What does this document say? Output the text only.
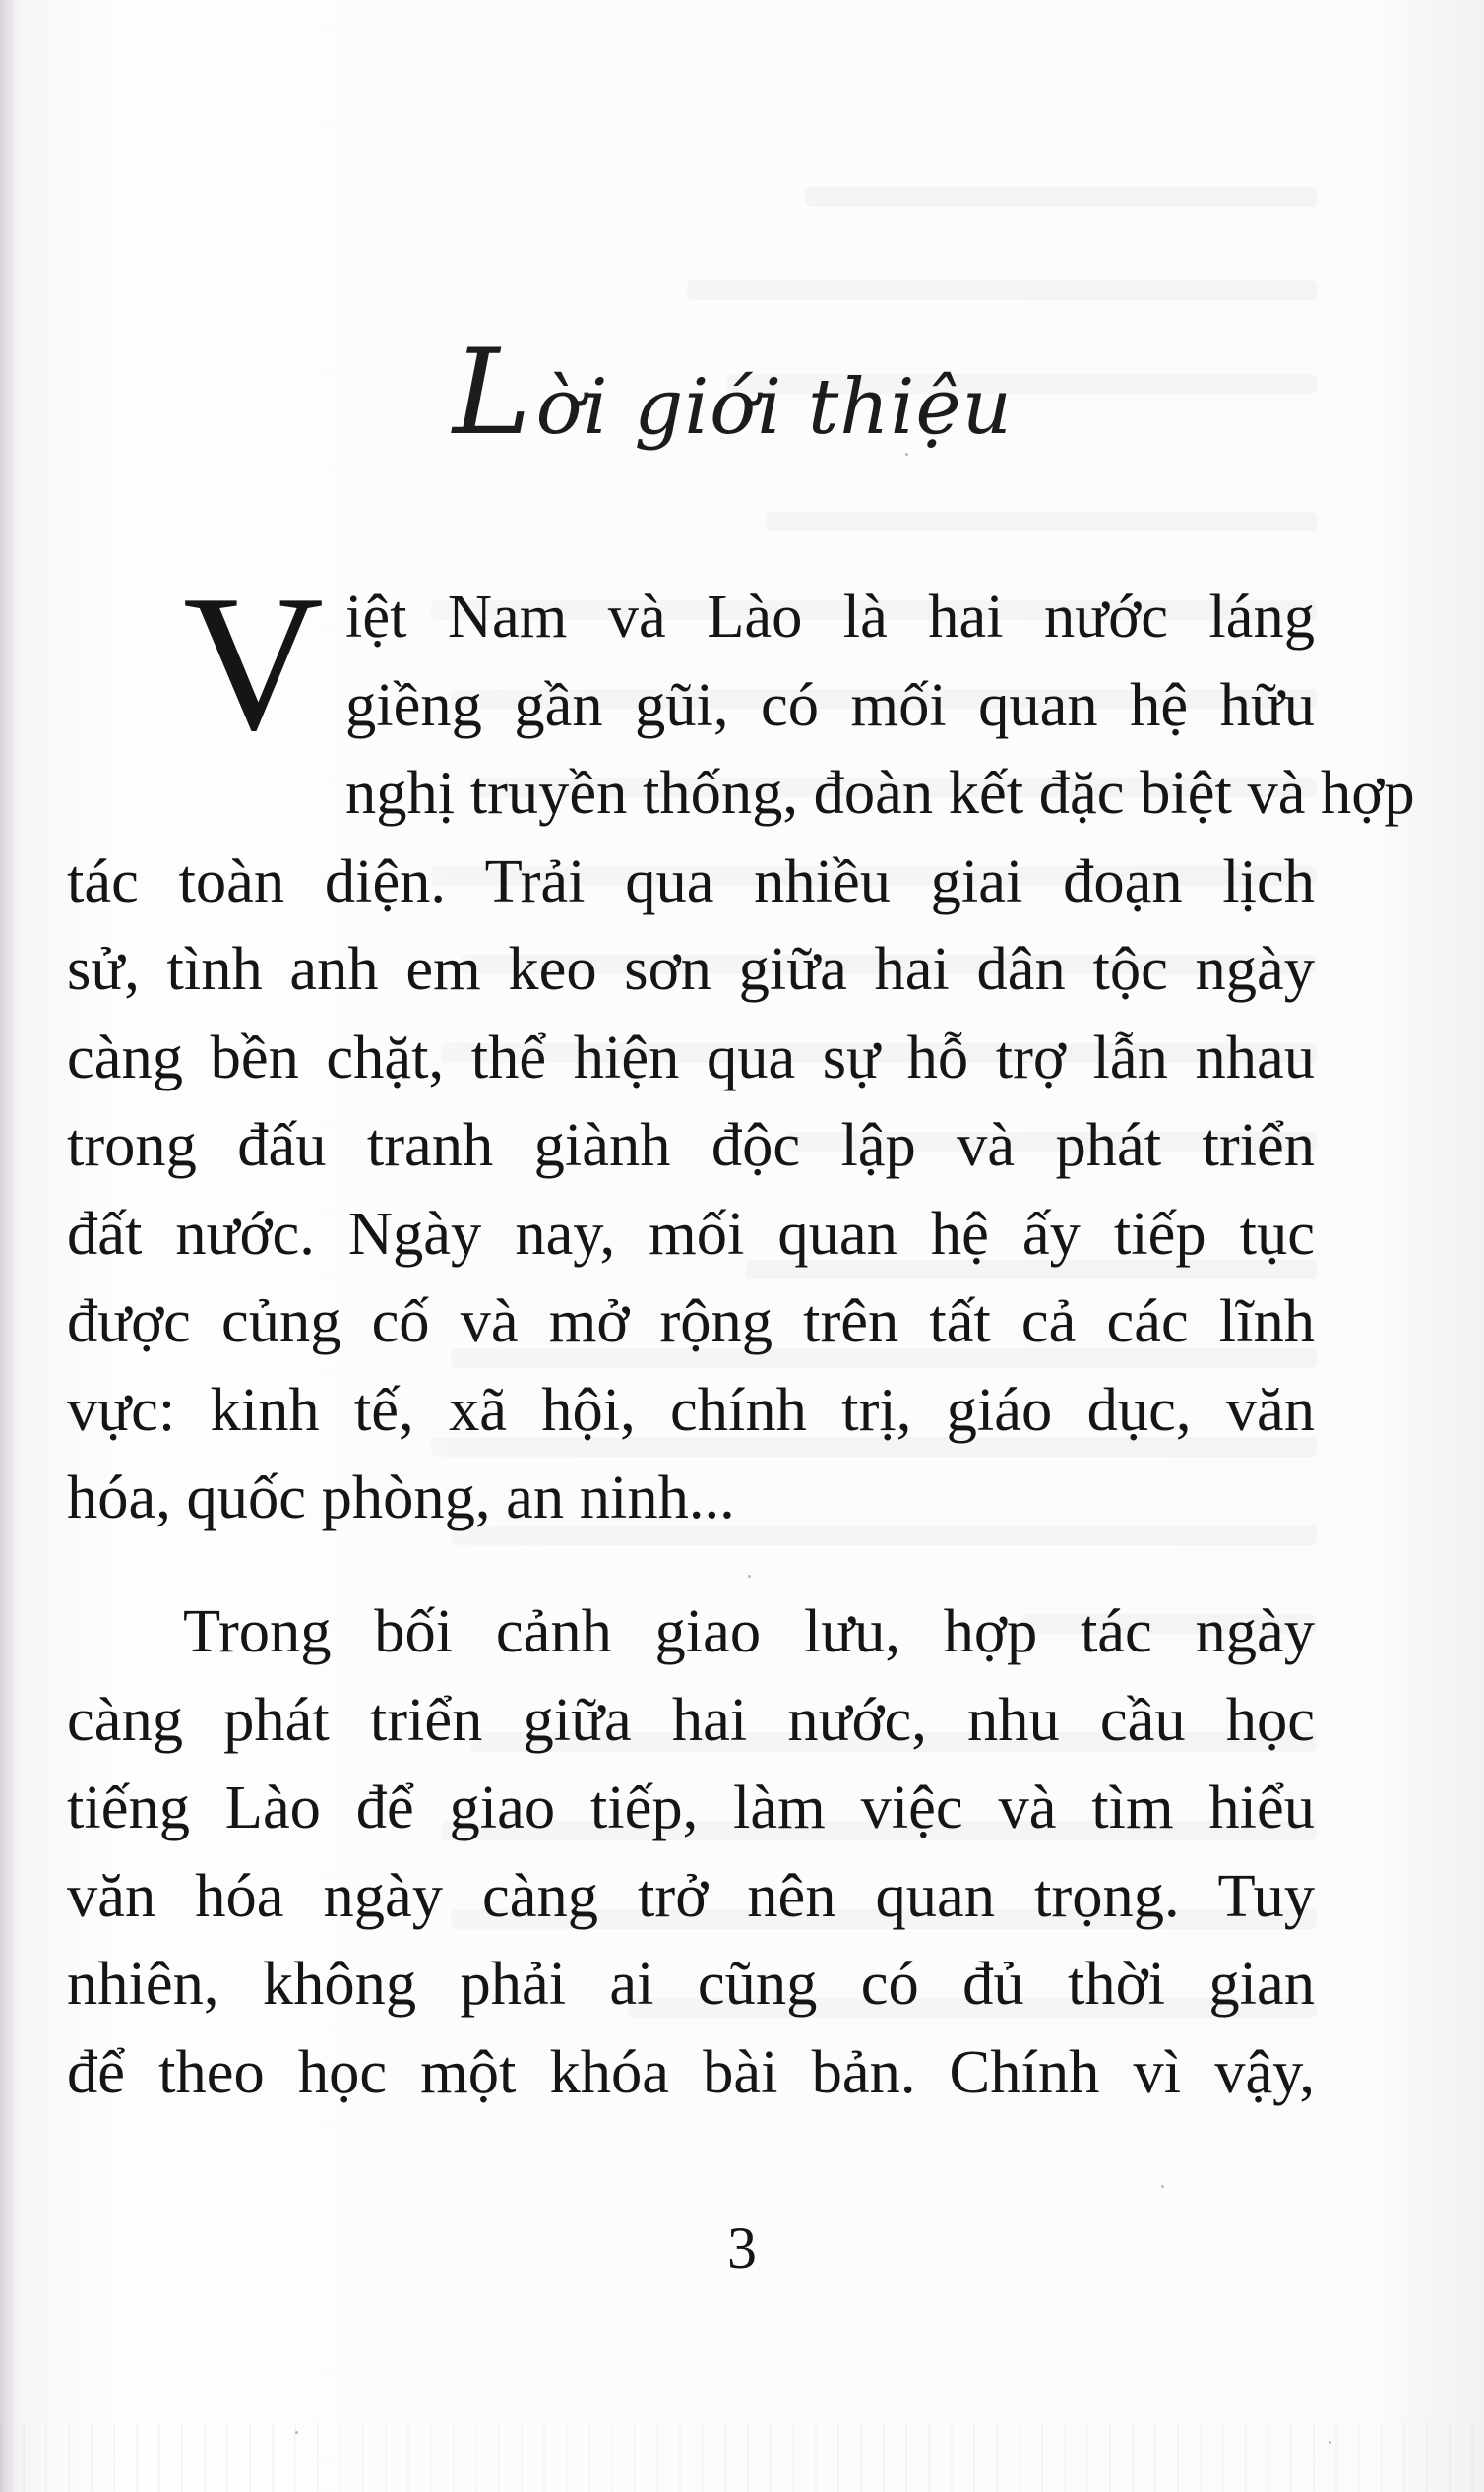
Lời giới thiệu
V iệt Nam và Lào là hai nước láng
giềng gần gũi, có mối quan hệ hữu
nghị truyền thống, đoàn kết đặc biệt và hợp
tác toàn diện. Trải qua nhiều giai đoạn lịch
sử, tình anh em keo sơn giữa hai dân tộc ngày
càng bền chặt, thể hiện qua sự hỗ trợ lẫn nhau
trong đấu tranh giành độc lập và phát triển
đất nước. Ngày nay, mối quan hệ ấy tiếp tục
được củng cố và mở rộng trên tất cả các lĩnh
vực: kinh tế, xã hội, chính trị, giáo dục, văn
hóa, quốc phòng, an ninh...
Trong bối cảnh giao lưu, hợp tác ngày
càng phát triển giữa hai nước, nhu cầu học
tiếng Lào để giao tiếp, làm việc và tìm hiểu
văn hóa ngày càng trở nên quan trọng. Tuy
nhiên, không phải ai cũng có đủ thời gian
để theo học một khóa bài bản. Chính vì vậy,
3
